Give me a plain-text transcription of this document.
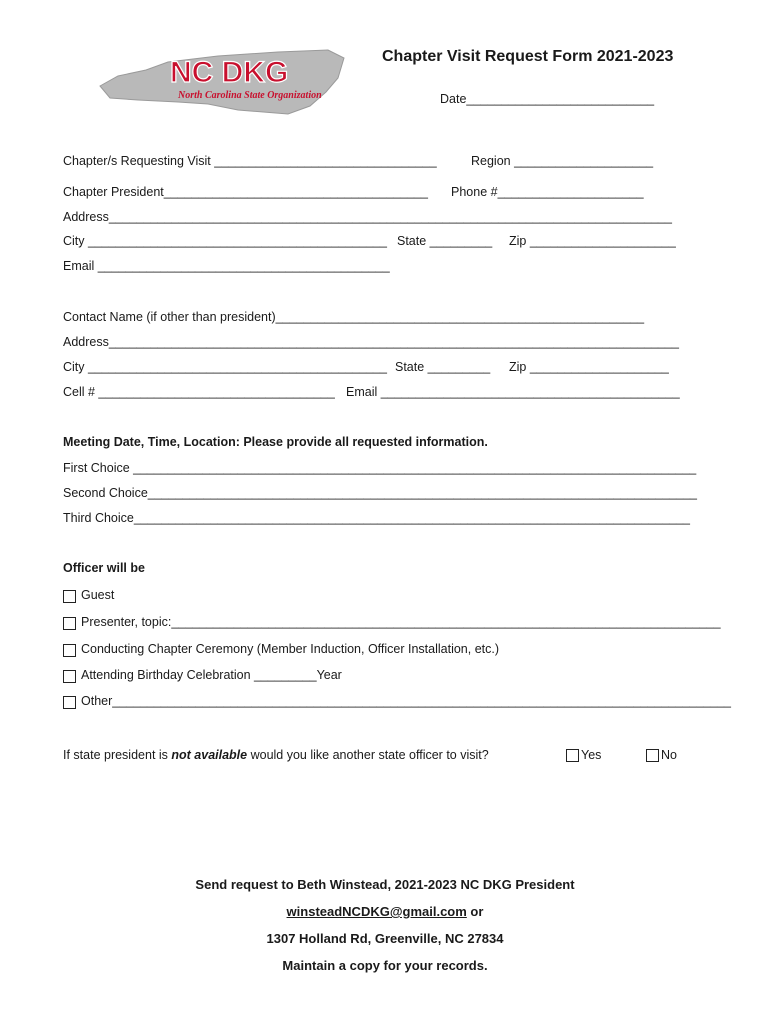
NC DKG
North Carolina State Organization
Chapter Visit Request Form 2021-2023
Date___________________________
Chapter/s Requesting Visit ________________________________	Region ____________________
Chapter President______________________________________ Phone #_____________________
Address_________________________________________________________________________________
City ___________________________________________ State _________ Zip _____________________
Email __________________________________________
Contact Name (if other than president)_____________________________________________________
Address__________________________________________________________________________________
City ___________________________________________ State _________ Zip ____________________
Cell # __________________________________ Email ___________________________________________
Meeting Date, Time, Location: Please provide all requested information.
First Choice _________________________________________________________________________________
Second Choice_______________________________________________________________________________
Third Choice________________________________________________________________________________
Officer will be
Guest
Presenter, topic:_______________________________________________________________________________
Conducting Chapter Ceremony (Member Induction, Officer Installation, etc.)
Attending Birthday Celebration _________Year
Other_________________________________________________________________________________________
If state president is not available would you like another state officer to visit?	Yes	No
Send request to Beth Winstead, 2021-2023 NC DKG President
winsteadNCDKG@gmail.com or
1307 Holland Rd, Greenville, NC 27834
Maintain a copy for your records.
